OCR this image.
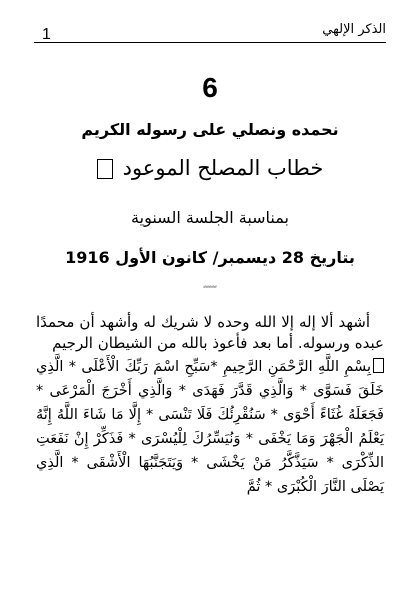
1	الذكر الإلهي
6
نحمده ونصلي على رسوله الكريم
خطاب المصلح الموعود
بمناسبة الجلسة السنوية
بتاريخ 28 ديسمبر/ كانون الأول 1916
ﹰﹰﹰﹰﹰ

أشهد ألا إله إلا الله وحده لا شريك له وأشهد أن محمدًا عبده ورسوله. أما بعد فأعوذ بالله من الشيطان الرجيم

بِسْمِ اللَّهِ الرَّحْمَنِ الرَّحِيمِ *سَبِّحِ اسْمَ رَبِّكَ الْأَعْلَى * الَّذِي خَلَقَ فَسَوَّى * وَالَّذِي قَدَّرَ فَهَدَى * وَالَّذِي أَخْرَجَ الْمَرْعَى * فَجَعَلَهُ غُثَاءً أَحْوَى * سَنُقْرِئُكَ فَلَا تَنْسَى * إِلَّا مَا شَاءَ اللَّهُ إِنَّهُ يَعْلَمُ الْجَهْرَ وَمَا يَخْفَى * وَنُيَسِّرُكَ لِلْيُسْرَى * فَذَكِّرْ إِنْ نَفَعَتِ الذِّكْرَى * سَيَذَّكَّرُ مَنْ يَخْشَى * وَيَتَجَنَّبُهَا الْأَشْقَى * الَّذِي يَصْلَى النَّارَ الْكُبْرَى * ثُمَّ
